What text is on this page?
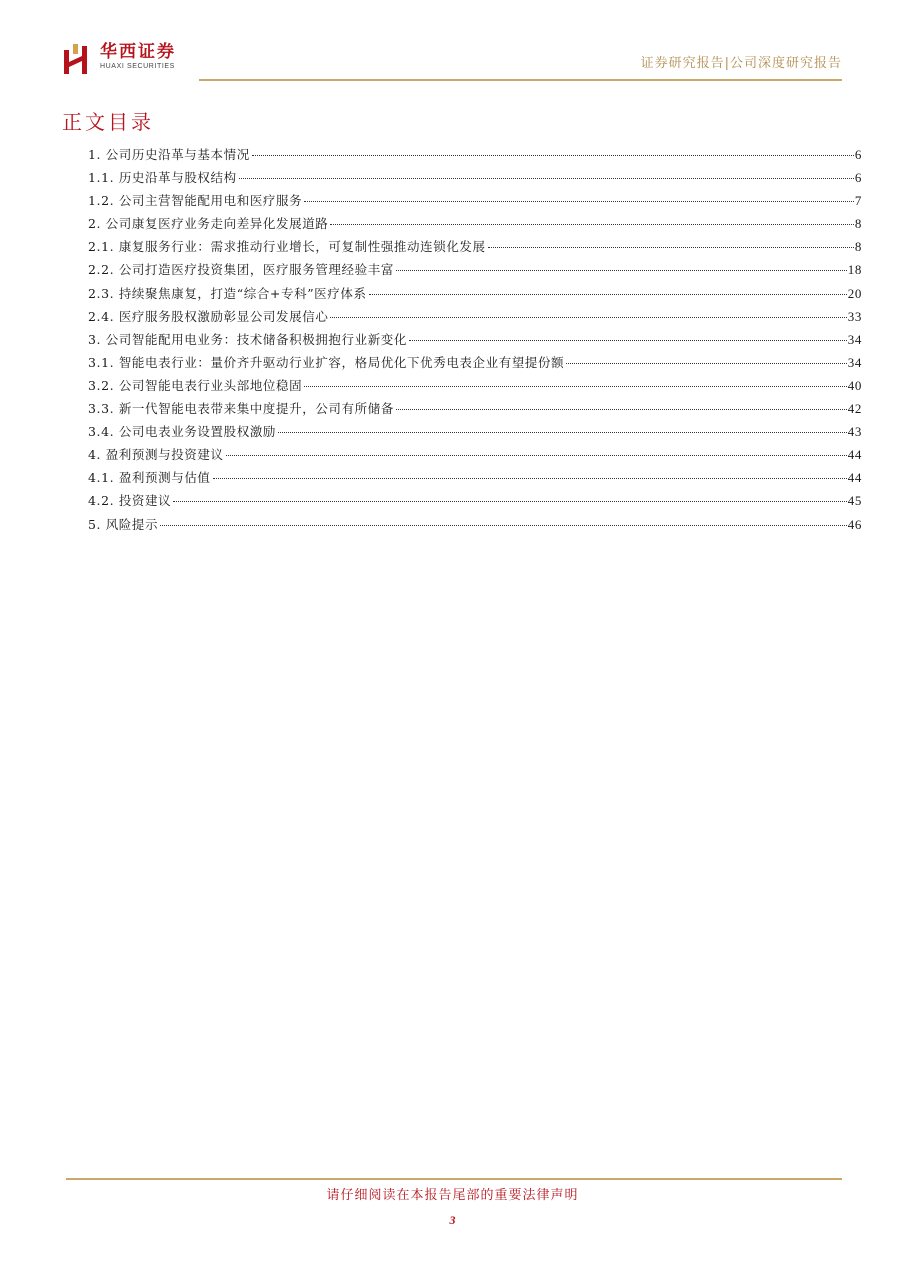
华西证券
HUAXI SECURITIES	证券研究报告|公司深度研究报告
正文目录
1. 公司历史沿革与基本情况	6
1.1. 历史沿革与股权结构	6
1.2. 公司主营智能配用电和医疗服务	7
2. 公司康复医疗业务走向差异化发展道路	8
2.1. 康复服务行业：需求推动行业增长，可复制性强推动连锁化发展	8
2.2. 公司打造医疗投资集团，医疗服务管理经验丰富	18
2.3. 持续聚焦康复，打造“综合+专科”医疗体系	20
2.4. 医疗服务股权激励彰显公司发展信心	33
3. 公司智能配用电业务：技术储备积极拥抱行业新变化	34
3.1. 智能电表行业：量价齐升驱动行业扩容，格局优化下优秀电表企业有望提份额	34
3.2. 公司智能电表行业头部地位稳固	40
3.3. 新一代智能电表带来集中度提升，公司有所储备	42
3.4. 公司电表业务设置股权激励	43
4. 盈利预测与投资建议	44
4.1. 盈利预测与估值	44
4.2. 投资建议	45
5. 风险提示	46
请仔细阅读在本报告尾部的重要法律声明
3
